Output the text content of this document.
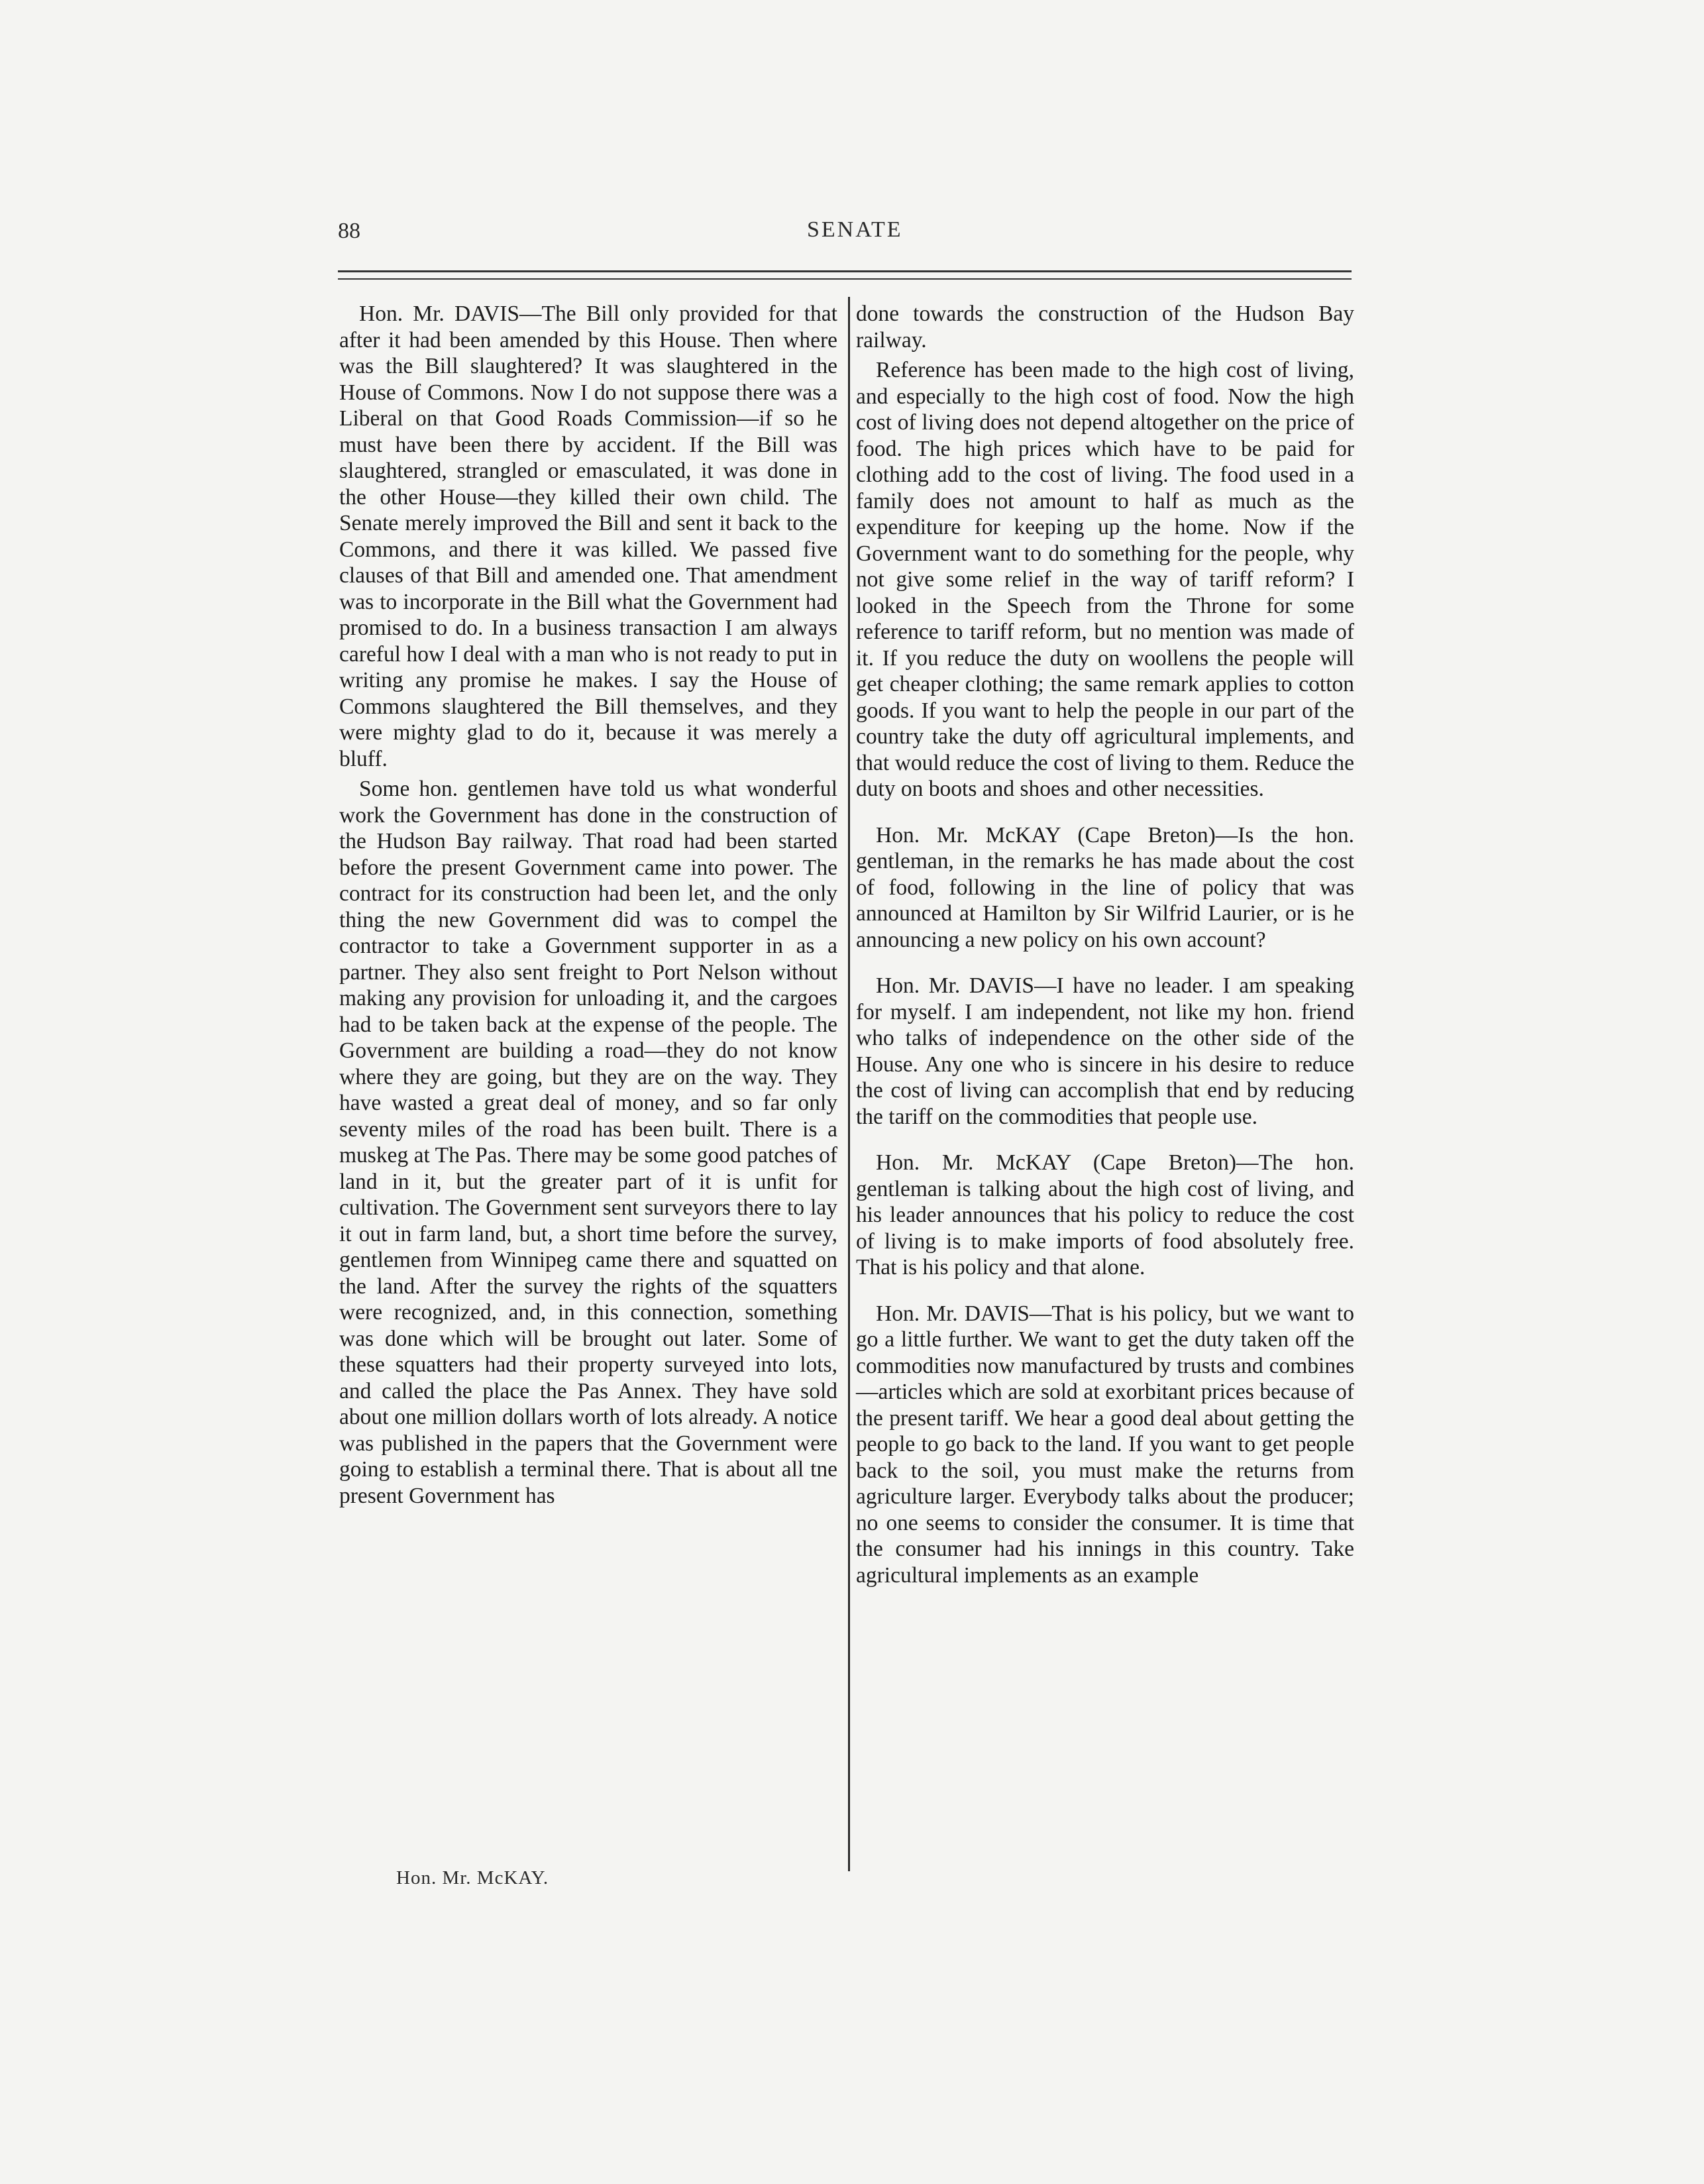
88	SENATE

Hon. Mr. DAVIS—The Bill only provided for that after it had been amended by this House. Then where was the Bill slaughtered? It was slaughtered in the House of Commons. Now I do not suppose there was a Liberal on that Good Roads Commission—if so he must have been there by accident. If the Bill was slaughtered, strangled or emasculated, it was done in the other House—they killed their own child. The Senate merely improved the Bill and sent it back to the Commons, and there it was killed. We passed five clauses of that Bill and amended one. That amendment was to incorporate in the Bill what the Government had promised to do. In a business transaction I am always careful how I deal with a man who is not ready to put in writing any promise he makes. I say the House of Commons slaughtered the Bill themselves, and they were mighty glad to do it, because it was merely a bluff.

Some hon. gentlemen have told us what wonderful work the Government has done in the construction of the Hudson Bay railway. That road had been started before the present Government came into power. The contract for its construction had been let, and the only thing the new Government did was to compel the contractor to take a Government supporter in as a partner. They also sent freight to Port Nelson without making any provision for unloading it, and the cargoes had to be taken back at the expense of the people. The Government are building a road—they do not know where they are going, but they are on the way. They have wasted a great deal of money, and so far only seventy miles of the road has been built. There is a muskeg at The Pas. There may be some good patches of land in it, but the greater part of it is unfit for cultivation. The Government sent surveyors there to lay it out in farm land, but, a short time before the survey, gentlemen from Winnipeg came there and squatted on the land. After the survey the rights of the squatters were recognized, and, in this connection, something was done which will be brought out later. Some of these squatters had their property surveyed into lots, and called the place the Pas Annex. They have sold about one million dollars worth of lots already. A notice was published in the papers that the Government were going to establish a terminal there. That is about all tne present Government has

done towards the construction of the Hudson Bay railway.

Reference has been made to the high cost of living, and especially to the high cost of food. Now the high cost of living does not depend altogether on the price of food. The high prices which have to be paid for clothing add to the cost of living. The food used in a family does not amount to half as much as the expenditure for keeping up the home. Now if the Government want to do something for the people, why not give some relief in the way of tariff reform? I looked in the Speech from the Throne for some reference to tariff reform, but no mention was made of it. If you reduce the duty on woollens the people will get cheaper clothing; the same remark applies to cotton goods. If you want to help the people in our part of the country take the duty off agricultural implements, and that would reduce the cost of living to them. Reduce the duty on boots and shoes and other necessities.

Hon. Mr. McKAY (Cape Breton)—Is the hon. gentleman, in the remarks he has made about the cost of food, following in the line of policy that was announced at Hamilton by Sir Wilfrid Laurier, or is he announcing a new policy on his own account?

Hon. Mr. DAVIS—I have no leader. I am speaking for myself. I am independent, not like my hon. friend who talks of independence on the other side of the House. Any one who is sincere in his desire to reduce the cost of living can accomplish that end by reducing the tariff on the commodities that people use.

Hon. Mr. McKAY (Cape Breton)—The hon. gentleman is talking about the high cost of living, and his leader announces that his policy to reduce the cost of living is to make imports of food absolutely free. That is his policy and that alone.

Hon. Mr. DAVIS—That is his policy, but we want to go a little further. We want to get the duty taken off the commodities now manufactured by trusts and combines—articles which are sold at exorbitant prices because of the present tariff. We hear a good deal about getting the people to go back to the land. If you want to get people back to the soil, you must make the returns from agriculture larger. Everybody talks about the producer; no one seems to consider the consumer. It is time that the consumer had his innings in this country. Take agricultural implements as an example

Hon. Mr. McKAY.
